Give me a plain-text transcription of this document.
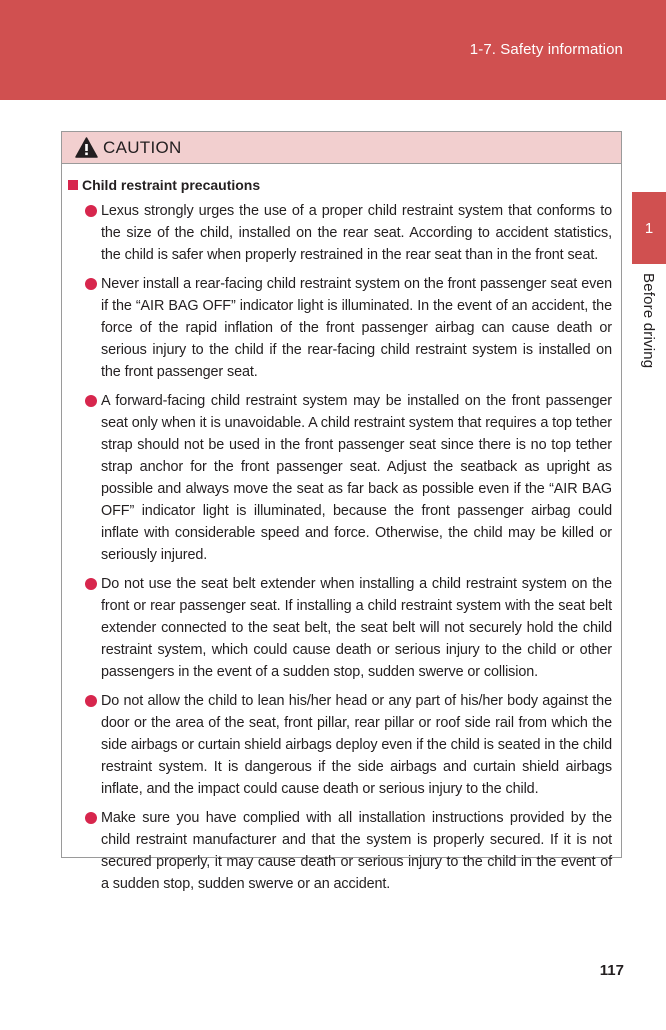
1-7. Safety information
1
Before driving
CAUTION
Child restraint precautions
Lexus strongly urges the use of a proper child restraint system that conforms to the size of the child, installed on the rear seat. According to accident statistics, the child is safer when properly restrained in the rear seat than in the front seat.
Never install a rear-facing child restraint system on the front passenger seat even if the “AIR BAG OFF” indicator light is illuminated. In the event of an accident, the force of the rapid inflation of the front passenger airbag can cause death or serious injury to the child if the rear-facing child restraint system is installed on the front passenger seat.
A forward-facing child restraint system may be installed on the front passenger seat only when it is unavoidable. A child restraint system that requires a top tether strap should not be used in the front passenger seat since there is no top tether strap anchor for the front passenger seat. Adjust the seatback as upright as possible and always move the seat as far back as possible even if the “AIR BAG OFF” indicator light is illuminated, because the front passenger airbag could inflate with considerable speed and force. Otherwise, the child may be killed or seriously injured.
Do not use the seat belt extender when installing a child restraint system on the front or rear passenger seat. If installing a child restraint system with the seat belt extender connected to the seat belt, the seat belt will not securely hold the child restraint system, which could cause death or serious injury to the child or other passengers in the event of a sudden stop, sudden swerve or collision.
Do not allow the child to lean his/her head or any part of his/her body against the door or the area of the seat, front pillar, rear pillar or roof side rail from which the side airbags or curtain shield airbags deploy even if the child is seated in the child restraint system. It is dangerous if the side airbags and curtain shield airbags inflate, and the impact could cause death or serious injury to the child.
Make sure you have complied with all installation instructions provided by the child restraint manufacturer and that the system is properly secured. If it is not secured properly, it may cause death or serious injury to the child in the event of a sudden stop, sudden swerve or an accident.
117
